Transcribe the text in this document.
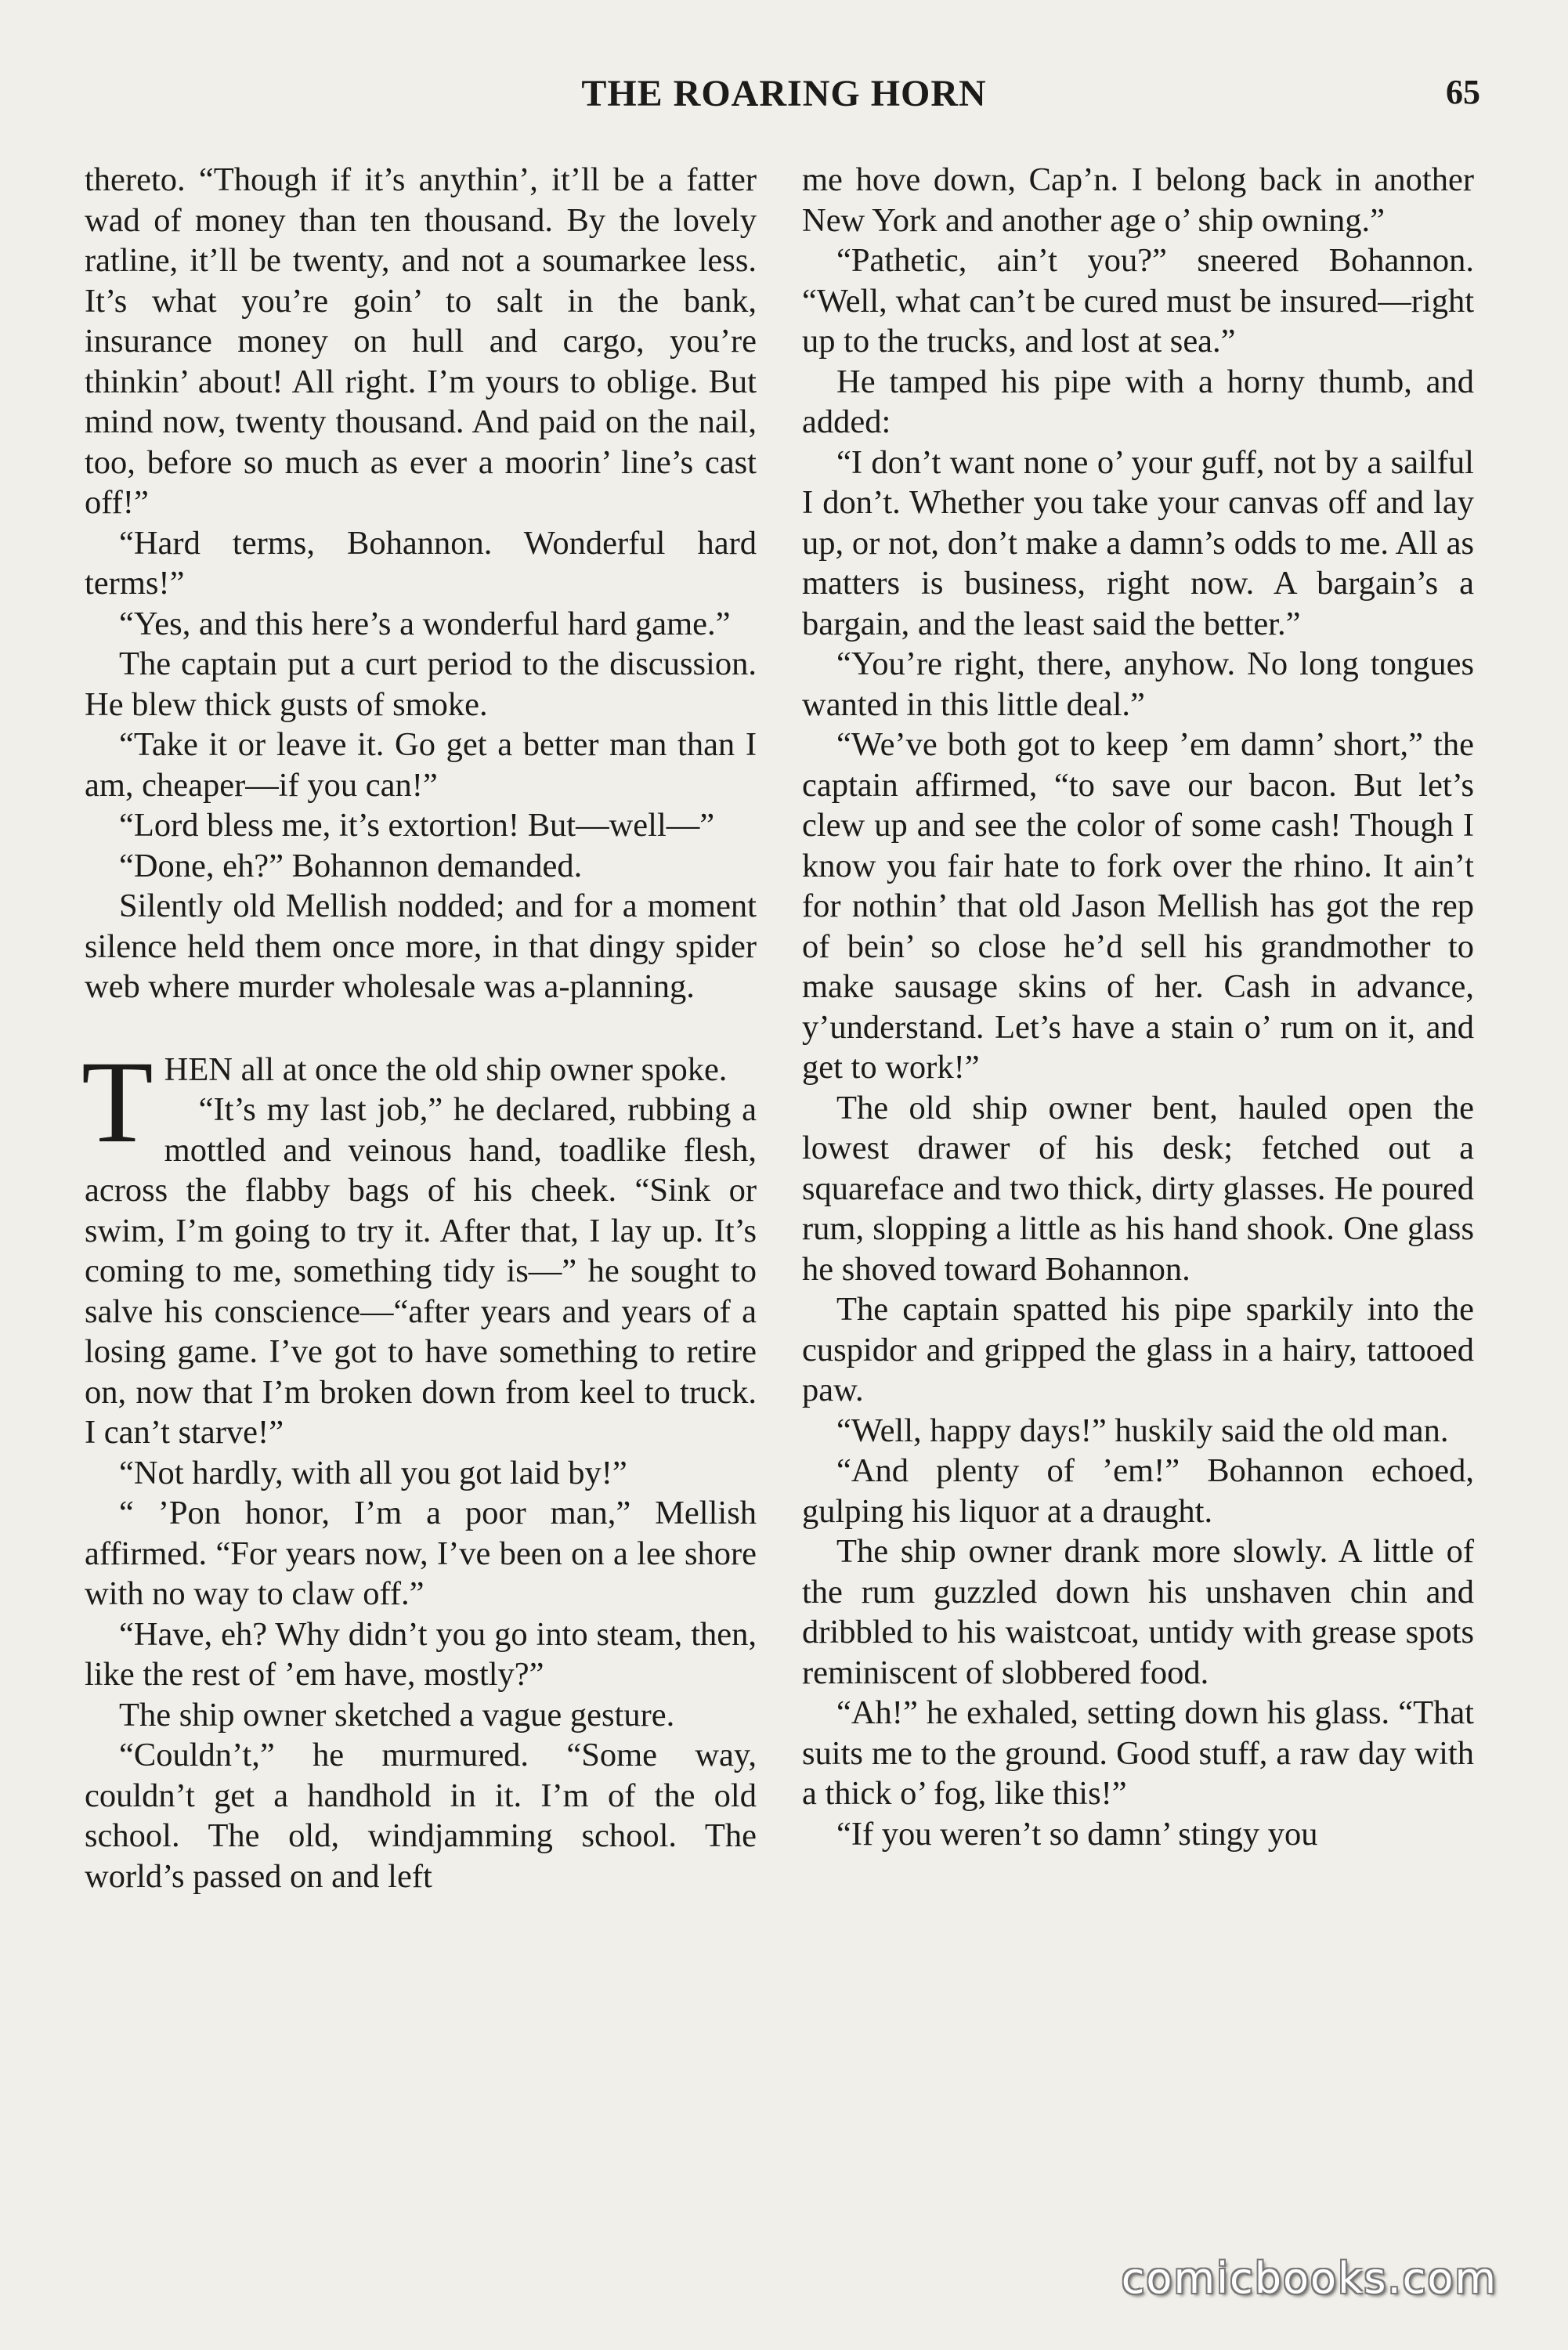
THE ROARING HORN	65

thereto. “Though if it’s anythin’, it’ll be a fatter wad of money than ten thousand. By the lovely ratline, it’ll be twenty, and not a soumarkee less. It’s what you’re goin’ to salt in the bank, insurance money on hull and cargo, you’re thinkin’ about! All right. I’m yours to oblige. But mind now, twenty thousand. And paid on the nail, too, before so much as ever a moorin’ line’s cast off!”

“Hard terms, Bohannon. Wonderful hard terms!”

“Yes, and this here’s a wonderful hard game.”

The captain put a curt period to the discussion. He blew thick gusts of smoke.

“Take it or leave it. Go get a better man than I am, cheaper—if you can!”

“Lord bless me, it’s extortion! But—well—”

“Done, eh?” Bohannon demanded.

Silently old Mellish nodded; and for a moment silence held them once more, in that dingy spider web where murder wholesale was a-planning.

THEN all at once the old ship owner spoke.

“It’s my last job,” he declared, rubbing a mottled and veinous hand, toadlike flesh, across the flabby bags of his cheek. “Sink or swim, I’m going to try it. After that, I lay up. It’s coming to me, something tidy is—” he sought to salve his conscience—“after years and years of a losing game. I’ve got to have something to retire on, now that I’m broken down from keel to truck. I can’t starve!”

“Not hardly, with all you got laid by!”

“ ’Pon honor, I’m a poor man,” Mellish affirmed. “For years now, I’ve been on a lee shore with no way to claw off.”

“Have, eh? Why didn’t you go into steam, then, like the rest of ’em have, mostly?”

The ship owner sketched a vague gesture.

“Couldn’t,” he murmured. “Some way, couldn’t get a handhold in it. I’m of the old school. The old, windjamming school. The world’s passed on and left

me hove down, Cap’n. I belong back in another New York and another age o’ ship owning.”

“Pathetic, ain’t you?” sneered Bohannon. “Well, what can’t be cured must be insured—right up to the trucks, and lost at sea.”

He tamped his pipe with a horny thumb, and added:

“I don’t want none o’ your guff, not by a sailful I don’t. Whether you take your canvas off and lay up, or not, don’t make a damn’s odds to me. All as matters is business, right now. A bargain’s a bargain, and the least said the better.”

“You’re right, there, anyhow. No long tongues wanted in this little deal.”

“We’ve both got to keep ’em damn’ short,” the captain affirmed, “to save our bacon. But let’s clew up and see the color of some cash! Though I know you fair hate to fork over the rhino. It ain’t for nothin’ that old Jason Mellish has got the rep of bein’ so close he’d sell his grandmother to make sausage skins of her. Cash in advance, y’understand. Let’s have a stain o’ rum on it, and get to work!”

The old ship owner bent, hauled open the lowest drawer of his desk; fetched out a squareface and two thick, dirty glasses. He poured rum, slopping a little as his hand shook. One glass he shoved toward Bohannon.

The captain spatted his pipe sparkily into the cuspidor and gripped the glass in a hairy, tattooed paw.

“Well, happy days!” huskily said the old man.

“And plenty of ’em!” Bohannon echoed, gulping his liquor at a draught.

The ship owner drank more slowly. A little of the rum guzzled down his unshaven chin and dribbled to his waistcoat, untidy with grease spots reminiscent of slobbered food.

“Ah!” he exhaled, setting down his glass. “That suits me to the ground. Good stuff, a raw day with a thick o’ fog, like this!”

“If you weren’t so damn’ stingy you

comicbooks.com
